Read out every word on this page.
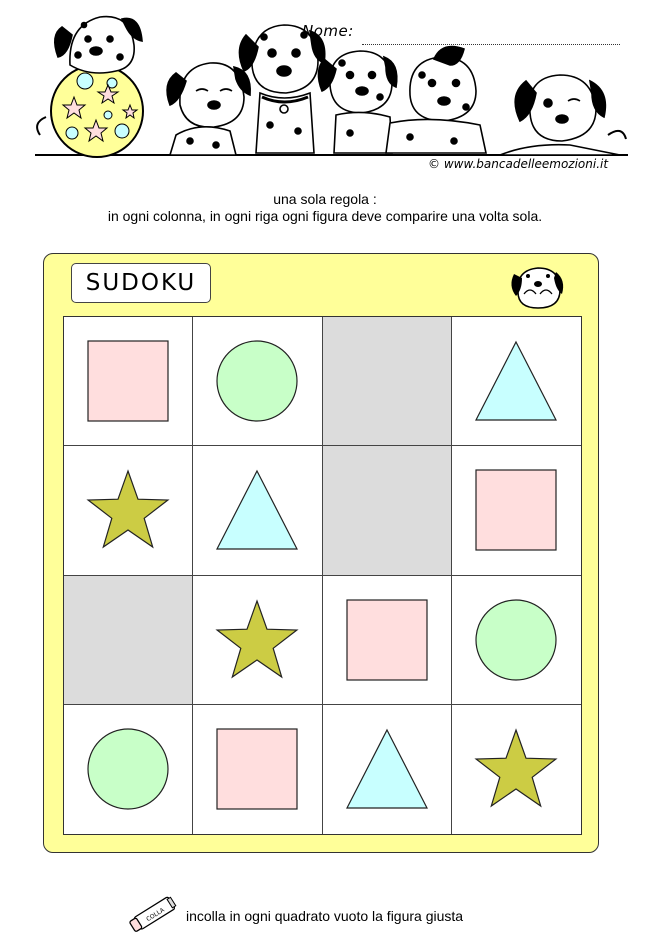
Nome:
© www.bancadelleemozioni.it
una sola regola :
in ogni colonna, in ogni riga ogni figura deve comparire una volta sola.
SUDOKU
COLLA incolla in ogni quadrato vuoto la figura giusta
